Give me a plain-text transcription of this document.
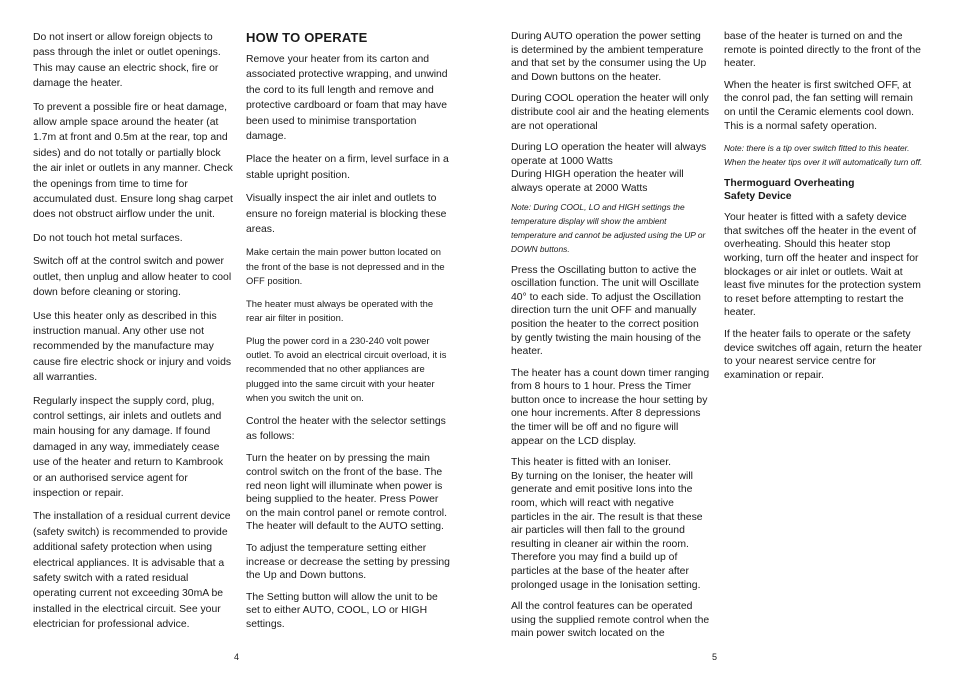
Do not insert or allow foreign objects to pass through the inlet or outlet openings. This may cause an electric shock, fire or damage the heater.

To prevent a possible fire or heat damage, allow ample space around the heater (at 1.7m at front and 0.5m at the rear, top and sides) and do not totally or partially block the air inlet or outlets in any manner. Check the openings from time to time for accumulated dust. Ensure long shag carpet does not obstruct airflow under the unit.

Do not touch hot metal surfaces.

Switch off at the control switch and power outlet, then unplug and allow heater to cool down before cleaning or storing.

Use this heater only as described in this instruction manual. Any other use not recommended by the manufacture may cause fire electric shock or injury and voids all warranties.

Regularly inspect the supply cord, plug, control settings, air inlets and outlets and main housing for any damage. If found damaged in any way, immediately cease use of the heater and return to Kambrook or an authorised service agent for inspection or repair.

The installation of a residual current device (safety switch) is recommended to provide additional safety protection when using electrical appliances. It is advisable that a safety switch with a rated residual operating current not exceeding 30mA be installed in the electrical circuit. See your electrician for professional advice.

HOW TO OPERATE

Remove your heater from its carton and associated protective wrapping, and unwind the cord to its full length and remove and protective cardboard or foam that may have been used to minimise transportation damage.

Place the heater on a firm, level surface in a stable upright position.

Visually inspect the air inlet and outlets to ensure no foreign material is blocking these areas.

Make certain the main power button located on the front of the base is not depressed and in the OFF position.

The heater must always be operated with the rear air filter in position.

Plug the power cord in a 230-240 volt power outlet. To avoid an electrical circuit overload, it is recommended that no other appliances are plugged into the same circuit with your heater when you switch the unit on.

Control the heater with the selector settings as follows:

Turn the heater on by pressing the main control switch on the front of the base. The red neon light will illuminate when power is being supplied to the heater. Press Power on the main control panel or remote control. The heater will default to the AUTO setting.

To adjust the temperature setting either increase or decrease the setting by pressing the Up and Down buttons.

The Setting button will allow the unit to be set to either AUTO, COOL, LO or HIGH settings.

During AUTO operation the power setting is determined by the ambient temperature and that set by the consumer using the Up and Down buttons on the heater.

During COOL operation the heater will only distribute cool air and the heating elements are not operational

During LO operation the heater will always operate at 1000 Watts

During HIGH operation the heater will always operate at 2000 Watts

Note: During COOL, LO and HIGH settings the temperature display will show the ambient temperature and cannot be adjusted using the UP or DOWN buttons.

Press the Oscillating button to active the oscillation function. The unit will Oscillate 40° to each side. To adjust the Oscillation direction turn the unit OFF and manually position the heater to the correct position by gently twisting the main housing of the heater.

The heater has a count down timer ranging from 8 hours to 1 hour. Press the Timer button once to increase the hour setting by one hour increments. After 8 depressions the timer will be off and no figure will appear on the LCD display.

This heater is fitted with an Ioniser.

By turning on the Ioniser, the heater will generate and emit positive Ions into the room, which will react with negative particles in the air. The result is that these air particles will then fall to the ground resulting in cleaner air within the room. Therefore you may find a build up of particles at the base of the heater after prolonged usage in the Ionisation setting.

All the control features can be operated using the supplied remote control when the main power switch located on the

base of the heater is turned on and the remote is pointed directly to the front of the heater.

When the heater is first switched OFF, at the conrol pad, the fan setting will remain on until the Ceramic elements cool down. This is a normal safety operation.

Note: there is a tip over switch fitted to this heater. When the heater tips over it will automatically turn off.

Thermoguard Overheating
Safety Device

Your heater is fitted with a safety device that switches off the heater in the event of overheating. Should this heater stop working, turn off the heater and inspect for blockages or air inlet or outlets. Wait at least five minutes for the protection system to reset before attempting to restart the heater.

If the heater fails to operate or the safety device switches off again, return the heater to your nearest service centre for examination or repair.

4	5
